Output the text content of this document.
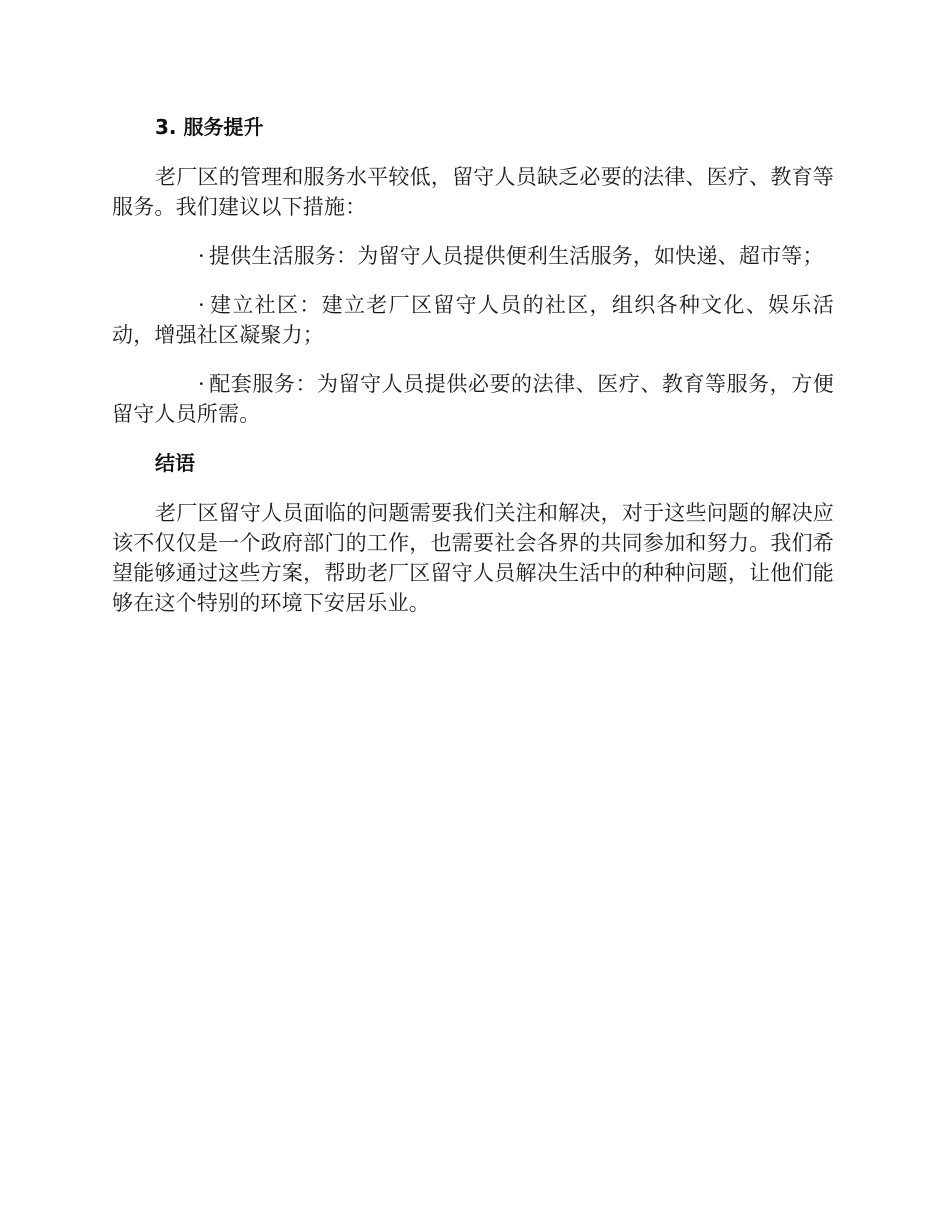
3. 服务提升

老厂区的管理和服务水平较低，留守人员缺乏必要的法律、医疗、教育等服务。我们建议以下措施：

· 提供生活服务：为留守人员提供便利生活服务，如快递、超市等；

· 建立社区：建立老厂区留守人员的社区，组织各种文化、娱乐活动，增强社区凝聚力；

· 配套服务：为留守人员提供必要的法律、医疗、教育等服务，方便留守人员所需。

结语

老厂区留守人员面临的问题需要我们关注和解决，对于这些问题的解决应该不仅仅是一个政府部门的工作，也需要社会各界的共同参加和努力。我们希望能够通过这些方案，帮助老厂区留守人员解决生活中的种种问题，让他们能够在这个特别的环境下安居乐业。
